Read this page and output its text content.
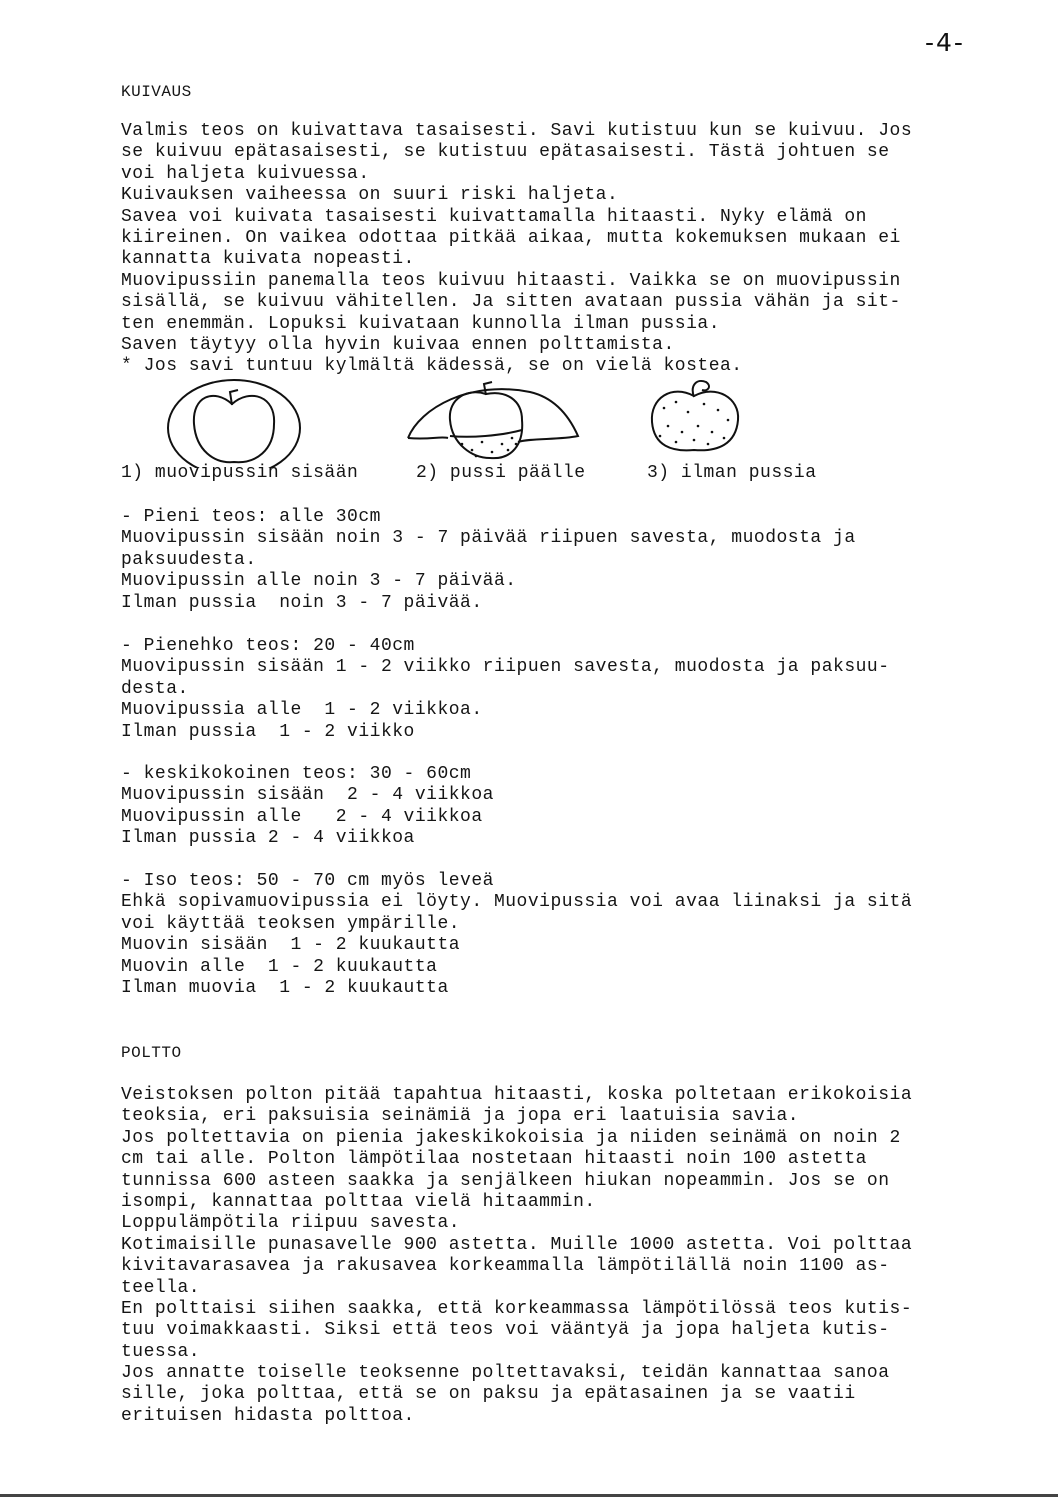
-4-
KUIVAUS
Valmis teos on kuivattava tasaisesti. Savi kutistuu kun se kuivuu. Jos
se kuivuu epätasaisesti, se kutistuu epätasaisesti. Tästä johtuen se
voi haljeta kuivuessa.
Kuivauksen vaiheessa on suuri riski haljeta.
Savea voi kuivata tasaisesti kuivattamalla hitaasti. Nyky elämä on
kiireinen. On vaikea odottaa pitkää aikaa, mutta kokemuksen mukaan ei
kannatta kuivata nopeasti.
Muovipussiin panemalla teos kuivuu hitaasti. Vaikka se on muovipussin
sisällä, se kuivuu vähitellen. Ja sitten avataan pussia vähän ja sit-
ten enemmän. Lopuksi kuivataan kunnolla ilman pussia.
Saven täytyy olla hyvin kuivaa ennen polttamista.
* Jos savi tuntuu kylmältä kädessä, se on vielä kostea.

1) muovipussin sisään

	2) pussi päälle

	3) ilman pussia

- Pieni teos: alle 30cm
Muovipussin sisään noin 3 - 7 päivää riipuen savesta, muodosta ja
paksuudesta.
Muovipussin alle noin 3 - 7 päivää.
Ilman pussia  noin 3 - 7 päivää.
- Pienehko teos: 20 - 40cm
Muovipussin sisään 1 - 2 viikko riipuen savesta, muodosta ja paksuu-
desta.
Muovipussia alle  1 - 2 viikkoa.
Ilman pussia  1 - 2 viikko
- keskikokoinen teos: 30 - 60cm
Muovipussin sisään  2 - 4 viikkoa
Muovipussin alle   2 - 4 viikkoa
Ilman pussia 2 - 4 viikkoa
- Iso teos: 50 - 70 cm myös leveä
Ehkä sopivamuovipussia ei löyty. Muovipussia voi avaa liinaksi ja sitä
voi käyttää teoksen ympärille.
Muovin sisään  1 - 2 kuukautta
Muovin alle  1 - 2 kuukautta
Ilman muovia  1 - 2 kuukautta
POLTTO
Veistoksen polton pitää tapahtua hitaasti, koska poltetaan erikokoisia
teoksia, eri paksuisia seinämiä ja jopa eri laatuisia savia.
Jos poltettavia on pienia jakeskikokoisia ja niiden seinämä on noin 2
cm tai alle. Polton lämpötilaa nostetaan hitaasti noin 100 astetta
tunnissa 600 asteen saakka ja senjälkeen hiukan nopeammin. Jos se on
isompi, kannattaa polttaa vielä hitaammin.
Loppulämpötila riipuu savesta.
Kotimaisille punasavelle 900 astetta. Muille 1000 astetta. Voi polttaa
kivitavarasavea ja rakusavea korkeammalla lämpötilällä noin 1100 as-
teella.
En polttaisi siihen saakka, että korkeammassa lämpötilössä teos kutis-
tuu voimakkaasti. Siksi että teos voi vääntyä ja jopa haljeta kutis-
tuessa.
Jos annatte toiselle teoksenne poltettavaksi, teidän kannattaa sanoa
sille, joka polttaa, että se on paksu ja epätasainen ja se vaatii
erituisen hidasta polttoa.
